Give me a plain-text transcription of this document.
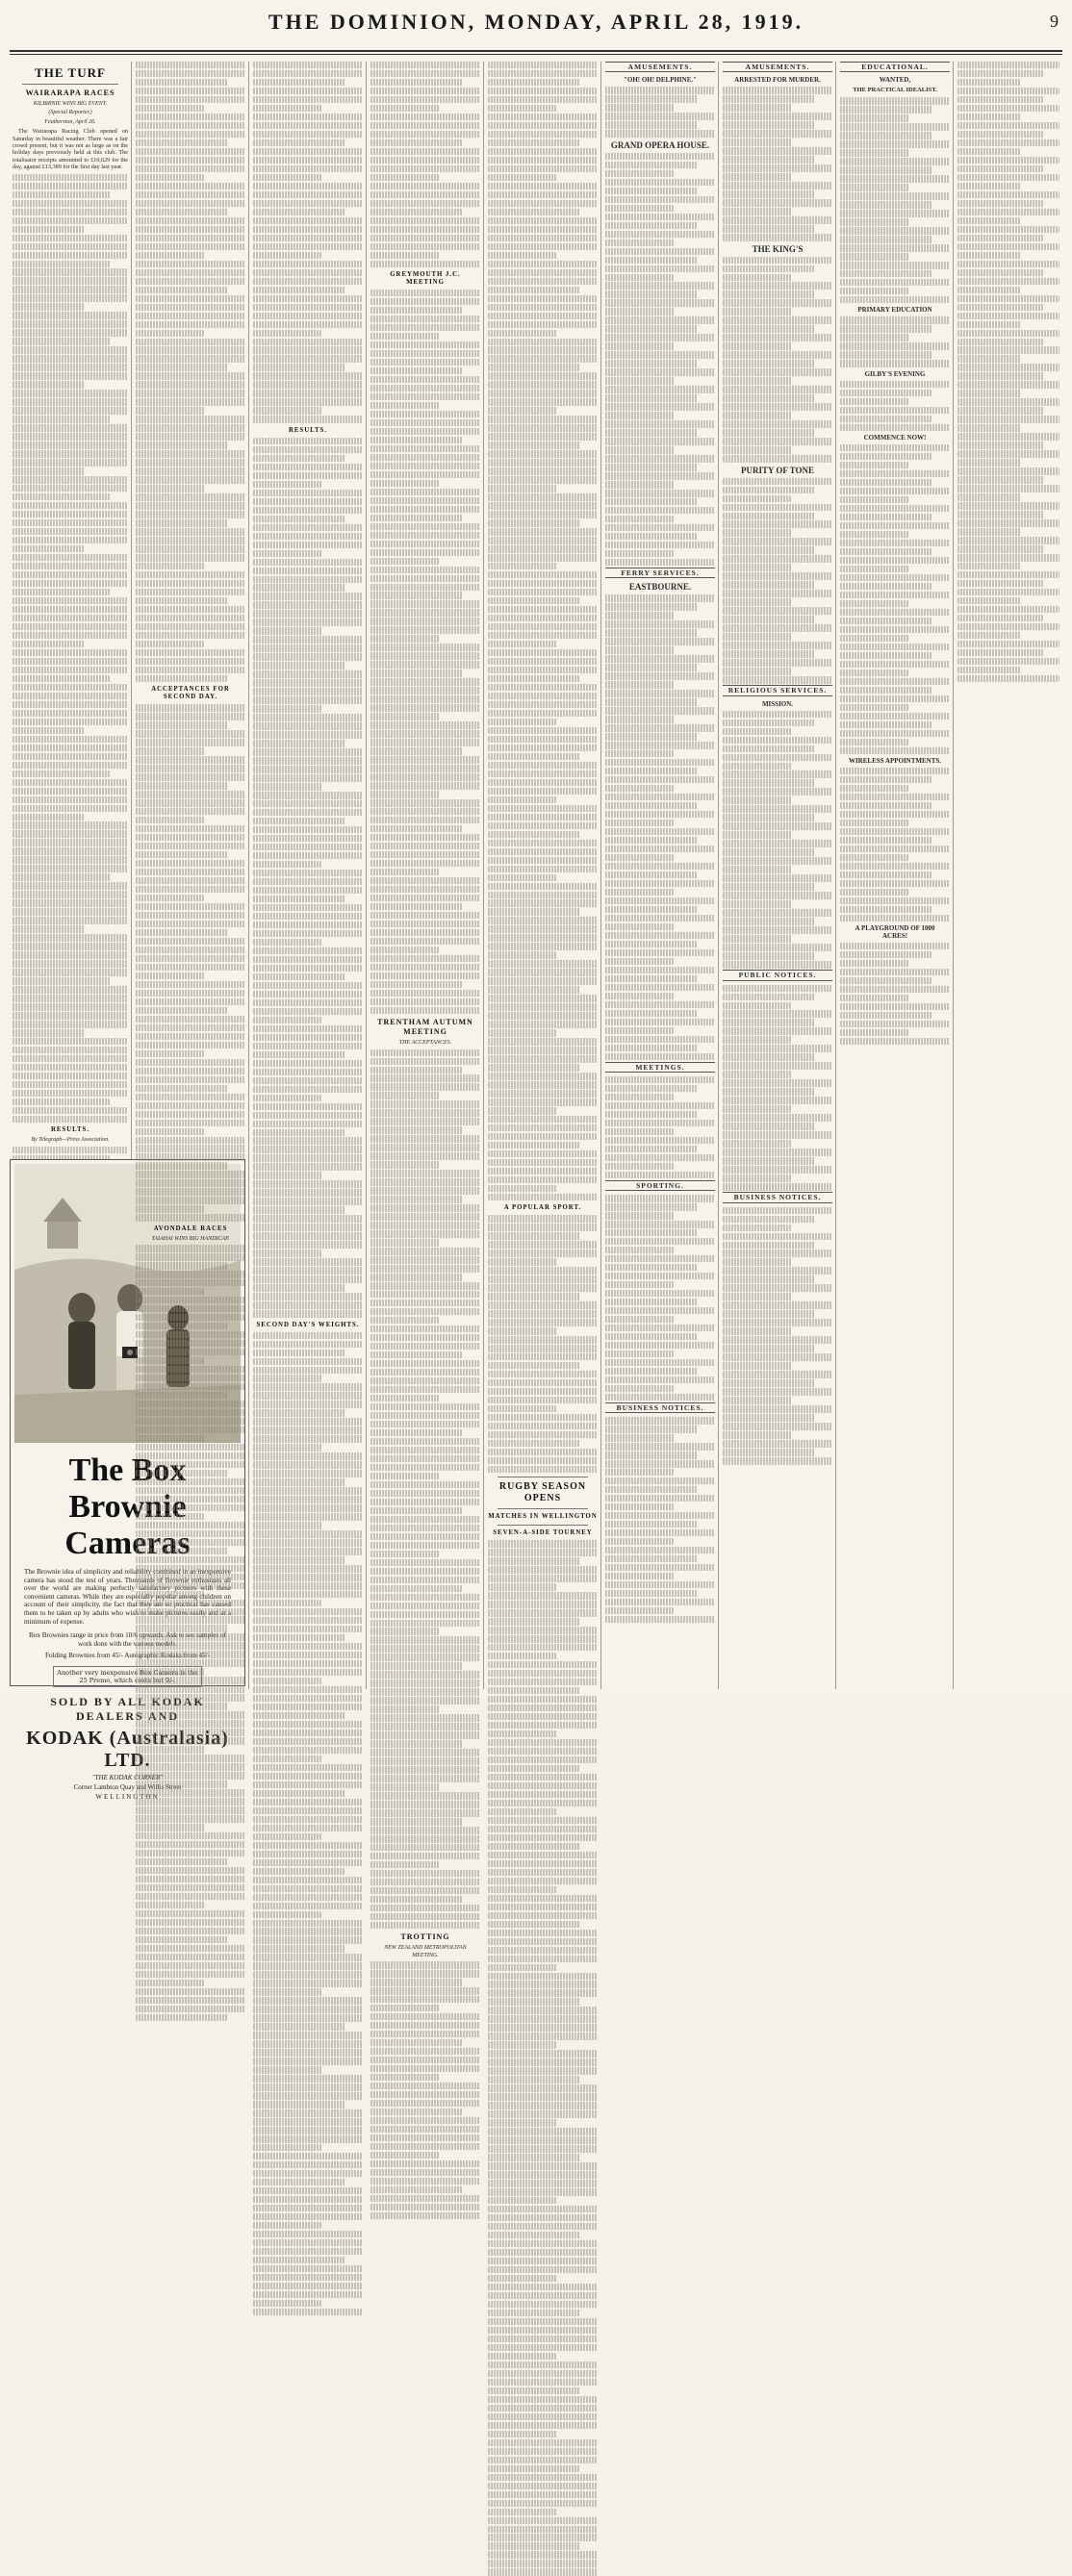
THE DOMINION, MONDAY, APRIL 28, 1919.	9
THE TURF
WAIRARAPA RACES
KILBIRNIE WINS BIG EVENT.
(Special Reporter.)
Featherston, April 26.
The Wairarapa Racing Club opened on Saturday in beautiful weather. There was a fair crowd present, but it was not as large as on the holiday days previously held at this club. The totalisator receipts amounted to £10,629 for the day, against £13,389 for the first day last year.
RESULTS.
By Telegraph—Press Association.
The Box Brownie Cameras
The Brownie idea of simplicity and reliability combined in an inexpensive camera has stood the test of years. Thousands of Brownie enthusiasts all over the world are making perfectly satisfactory pictures with these convenient cameras. While they are especially popular among children on account of their simplicity, the fact that they are so practical has caused them to be taken up by adults who wish to make pictures easily and at a minimum of expense.
Box Brownies range in price from 10/6 upwards. Ask to see samples of work done with the various models.
Folding Brownies from 45/- Autographic Kodaks from 45/-
Another very inexpensive Box Camera is the 25 Premo, which costs but 9/-.
SOLD BY ALL KODAK DEALERS AND
KODAK (Australasia) LTD.
"THE KODAK CORNER"
Corner Lambton Quay and Willis Street
WELLINGTON
ACCEPTANCES FOR SECOND DAY.
AVONDALE RACES
TAIAHAI WINS BIG HANDICAP.
RESULTS.
SECOND DAY'S WEIGHTS.
GREYMOUTH J.C. MEETING
TRENTHAM AUTUMN MEETING
THE ACCEPTANCES.
TROTTING
NEW ZEALAND METROPOLITAN MEETING.
A POPULAR SPORT.
RUGBY SEASON OPENS
MATCHES IN WELLINGTON
SEVEN-A-SIDE TOURNEY
AMUSEMENTS.
"OH! OH! DELPHINE."
GRAND OPERA HOUSE.
FERRY SERVICES.
EASTBOURNE.
MEETINGS.
SPORTING.
BUSINESS NOTICES.
AMUSEMENTS.
ARRESTED FOR MURDER.
THE KING'S
PURITY OF TONE
RELIGIOUS SERVICES.
MISSION.
PUBLIC NOTICES.
BUSINESS NOTICES.
EDUCATIONAL.
WANTED,
THE PRACTICAL IDEALIST.
PRIMARY EDUCATION
GILBY'S EVENING
COMMENCE NOW!
WIRELESS APPOINTMENTS.
A PLAYGROUND OF 1000 ACRES!
